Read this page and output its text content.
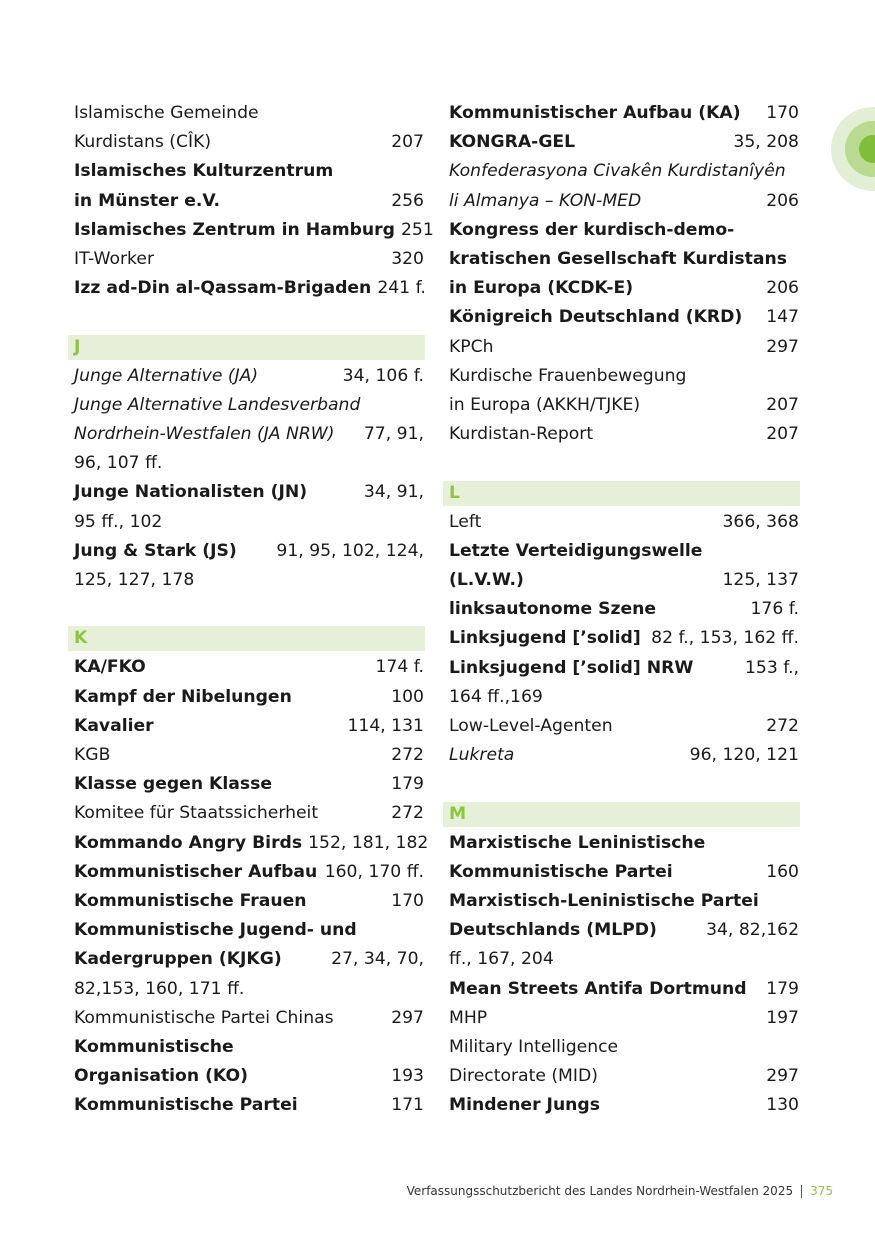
Islamische Gemeinde
Kurdistans (CÎK)	207
Islamisches Kulturzentrum
in Münster e.V.	256
Islamisches Zentrum in Hamburg 251
IT-Worker	320
Izz ad-Din al-Qassam-Brigaden 241 f.
J
Junge Alternative (JA)	34, 106 f.
Junge Alternative Landesverband
Nordrhein-Westfalen (JA NRW)	77, 91,
96, 107 ff.
Junge Nationalisten (JN)	34, 91,
95 ff., 102
Jung & Stark (JS)	91, 95, 102, 124,
125, 127, 178
K
KA/FKO	174 f.
Kampf der Nibelungen	100
Kavalier	114, 131
KGB	272
Klasse gegen Klasse	179
Komitee für Staatssicherheit	272
Kommando Angry Birds 152, 181, 182
Kommunistischer Aufbau 160, 170 ff.
Kommunistische Frauen	170
Kommunistische Jugend- und
Kadergruppen (KJKG)	27, 34, 70,
82,153, 160, 171 ff.
Kommunistische Partei Chinas	297
Kommunistische
Organisation (KO)	193
Kommunistische Partei	171
Kommunistischer Aufbau (KA)	170
KONGRA-GEL	35, 208
Konfederasyona Civakên Kurdistanîyên
li Almanya – KON-MED	206
Kongress der kurdisch-demo-
kratischen Gesellschaft Kurdistans
in Europa (KCDK-E)	206
Königreich Deutschland (KRD)	147
KPCh	297
Kurdische Frauenbewegung
in Europa (AKKH/TJKE)	207
Kurdistan-Report	207
L
Left	366, 368
Letzte Verteidigungswelle
(L.V.W.)	125, 137
linksautonome Szene	176 f.
Linksjugend [’solid] 82 f., 153, 162 ff.
Linksjugend [’solid] NRW	153 f.,
164 ff.,169
Low-Level-Agenten	272
Lukreta	96, 120, 121
M
Marxistische Leninistische
Kommunistische Partei	160
Marxistisch-Leninistische Partei
Deutschlands (MLPD)	34, 82,162
ff., 167, 204
Mean Streets Antifa Dortmund	179
MHP	197
Military Intelligence
Directorate (MID)	297
Mindener Jungs	130
Verfassungsschutzbericht des Landes Nordrhein-Westfalen 2025 375
